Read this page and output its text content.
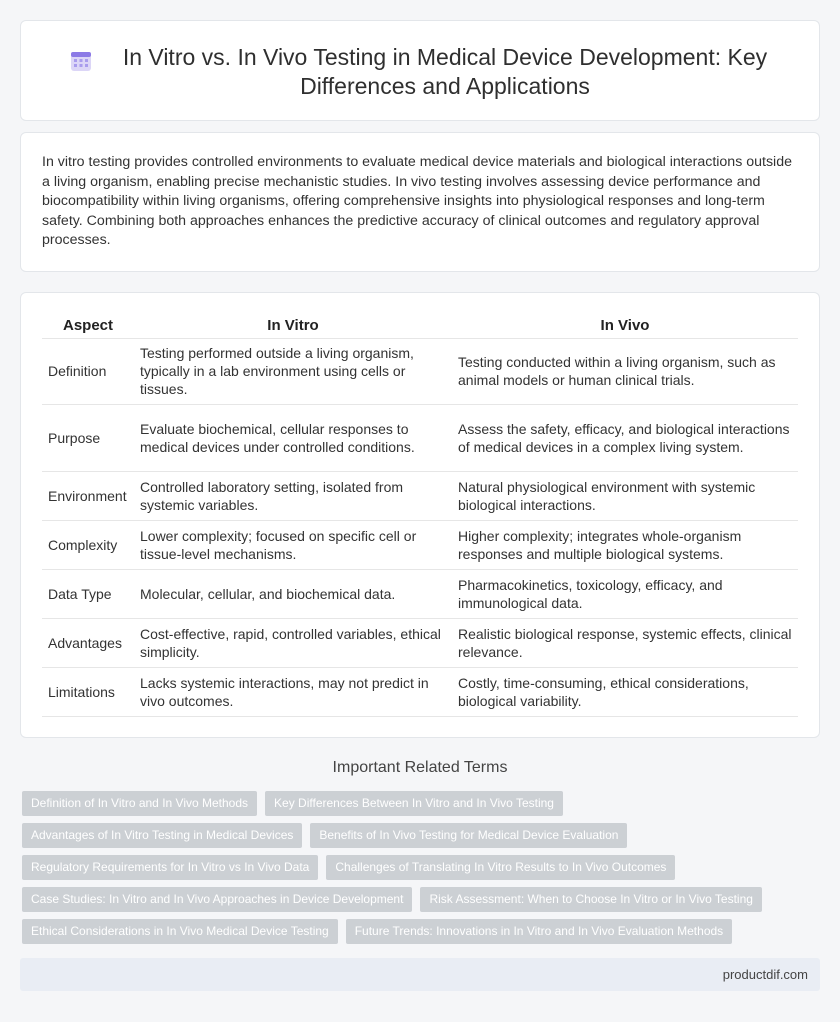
In Vitro vs. In Vivo Testing in Medical Device Development: Key Differences and Applications

In vitro testing provides controlled environments to evaluate medical device materials and biological interactions outside a living organism, enabling precise mechanistic studies. In vivo testing involves assessing device performance and biocompatibility within living organisms, offering comprehensive insights into physiological responses and long-term safety. Combining both approaches enhances the predictive accuracy of clinical outcomes and regulatory approval processes.

Aspect	In Vitro	In Vivo
Definition	Testing performed outside a living organism, typically in a lab environment using cells or tissues.	Testing conducted within a living organism, such as animal models or human clinical trials.
Purpose	Evaluate biochemical, cellular responses to medical devices under controlled conditions.	Assess the safety, efficacy, and biological interactions of medical devices in a complex living system.
Environment	Controlled laboratory setting, isolated from systemic variables.	Natural physiological environment with systemic biological interactions.
Complexity	Lower complexity; focused on specific cell or tissue-level mechanisms.	Higher complexity; integrates whole-organism responses and multiple biological systems.
Data Type	Molecular, cellular, and biochemical data.	Pharmacokinetics, toxicology, efficacy, and immunological data.
Advantages	Cost-effective, rapid, controlled variables, ethical simplicity.	Realistic biological response, systemic effects, clinical relevance.
Limitations	Lacks systemic interactions, may not predict in vivo outcomes.	Costly, time-consuming, ethical considerations, biological variability.
Important Related Terms
Definition of In Vitro and In Vivo Methods	Key Differences Between In Vitro and In Vivo Testing
Advantages of In Vitro Testing in Medical Devices	Benefits of In Vivo Testing for Medical Device Evaluation
Regulatory Requirements for In Vitro vs In Vivo Data	Challenges of Translating In Vitro Results to In Vivo Outcomes
Case Studies: In Vitro and In Vivo Approaches in Device Development	Risk Assessment: When to Choose In Vitro or In Vivo Testing
Ethical Considerations in In Vivo Medical Device Testing	Future Trends: Innovations in In Vitro and In Vivo Evaluation Methods
productdif.com
